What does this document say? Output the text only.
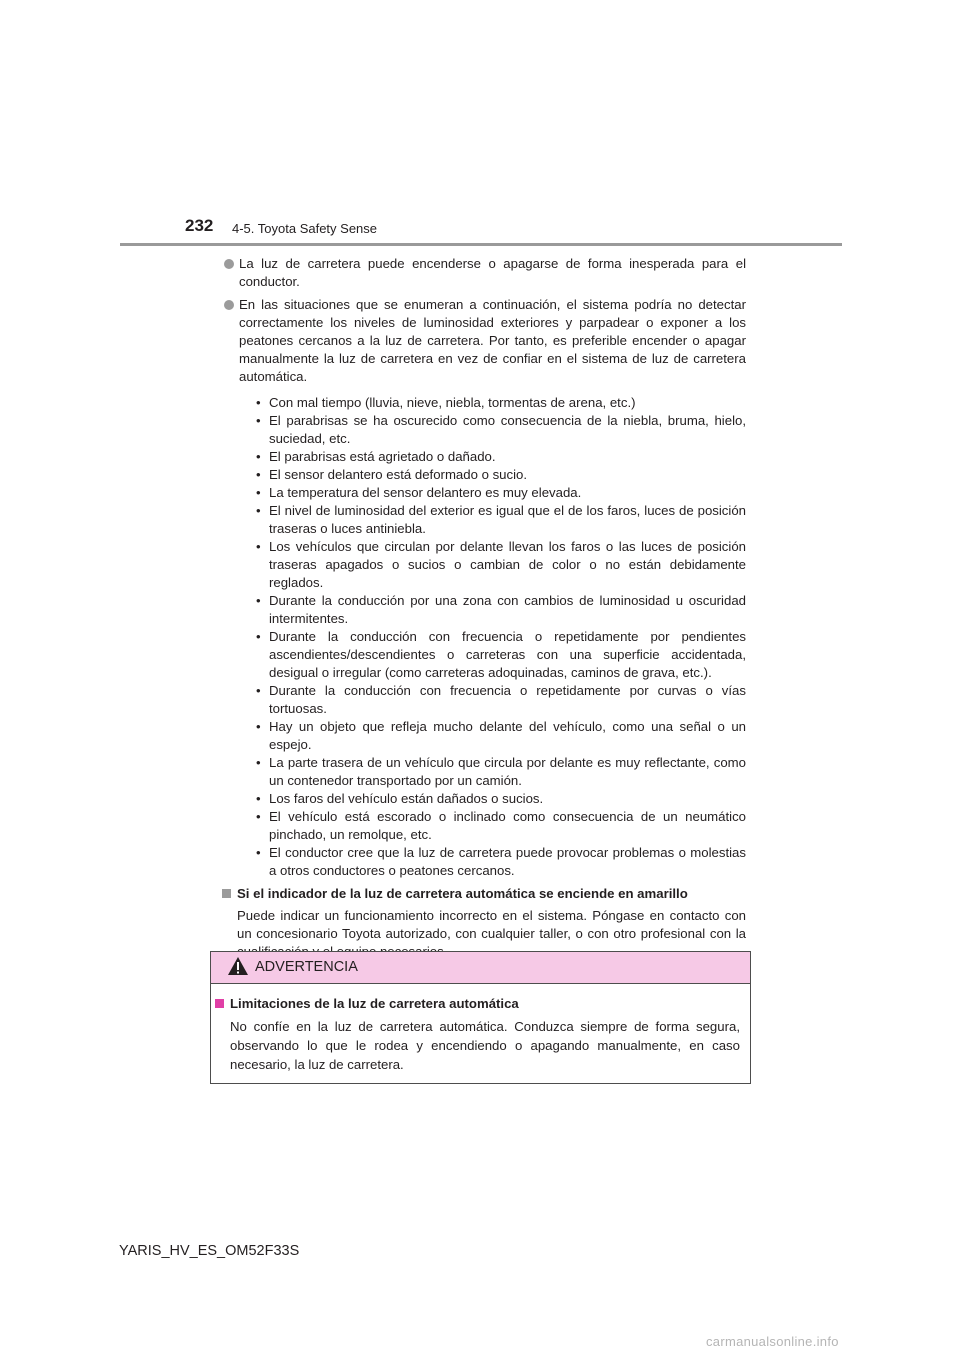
232 4-5. Toyota Safety Sense
La luz de carretera puede encenderse o apagarse de forma inesperada para el conductor.
En las situaciones que se enumeran a continuación, el sistema podría no detectar correctamente los niveles de luminosidad exteriores y parpadear o exponer a los peatones cercanos a la luz de carretera. Por tanto, es preferible encender o apagar manualmente la luz de carretera en vez de confiar en el sistema de luz de carretera automática.
• Con mal tiempo (lluvia, nieve, niebla, tormentas de arena, etc.)
• El parabrisas se ha oscurecido como consecuencia de la niebla, bruma, hielo, suciedad, etc.
• El parabrisas está agrietado o dañado.
• El sensor delantero está deformado o sucio.
• La temperatura del sensor delantero es muy elevada.
• El nivel de luminosidad del exterior es igual que el de los faros, luces de posición traseras o luces antiniebla.
• Los vehículos que circulan por delante llevan los faros o las luces de posición traseras apagados o sucios o cambian de color o no están debidamente reglados.
• Durante la conducción por una zona con cambios de luminosidad u oscuridad intermitentes.
• Durante la conducción con frecuencia o repetidamente por pendientes ascendientes/descendientes o carreteras con una superficie accidentada, desigual o irregular (como carreteras adoquinadas, caminos de grava, etc.).
• Durante la conducción con frecuencia o repetidamente por curvas o vías tortuosas.
• Hay un objeto que refleja mucho delante del vehículo, como una señal o un espejo.
• La parte trasera de un vehículo que circula por delante es muy reflectante, como un contenedor transportado por un camión.
• Los faros del vehículo están dañados o sucios.
• El vehículo está escorado o inclinado como consecuencia de un neumático pinchado, un remolque, etc.
• El conductor cree que la luz de carretera puede provocar problemas o molestias a otros conductores o peatones cercanos.
Si el indicador de la luz de carretera automática se enciende en amarillo
Puede indicar un funcionamiento incorrecto en el sistema. Póngase en contacto con un concesionario Toyota autorizado, con cualquier taller, o con otro profesional con la
ADVERTENCIA
Limitaciones de la luz de carretera automática
No confíe en la luz de carretera automática. Conduzca siempre de forma segura, observando lo que le rodea y encendiendo o apagando manualmente, en caso necesario, la luz de carretera.
YARIS_HV_ES_OM52F33S
carmanualsonline.info
